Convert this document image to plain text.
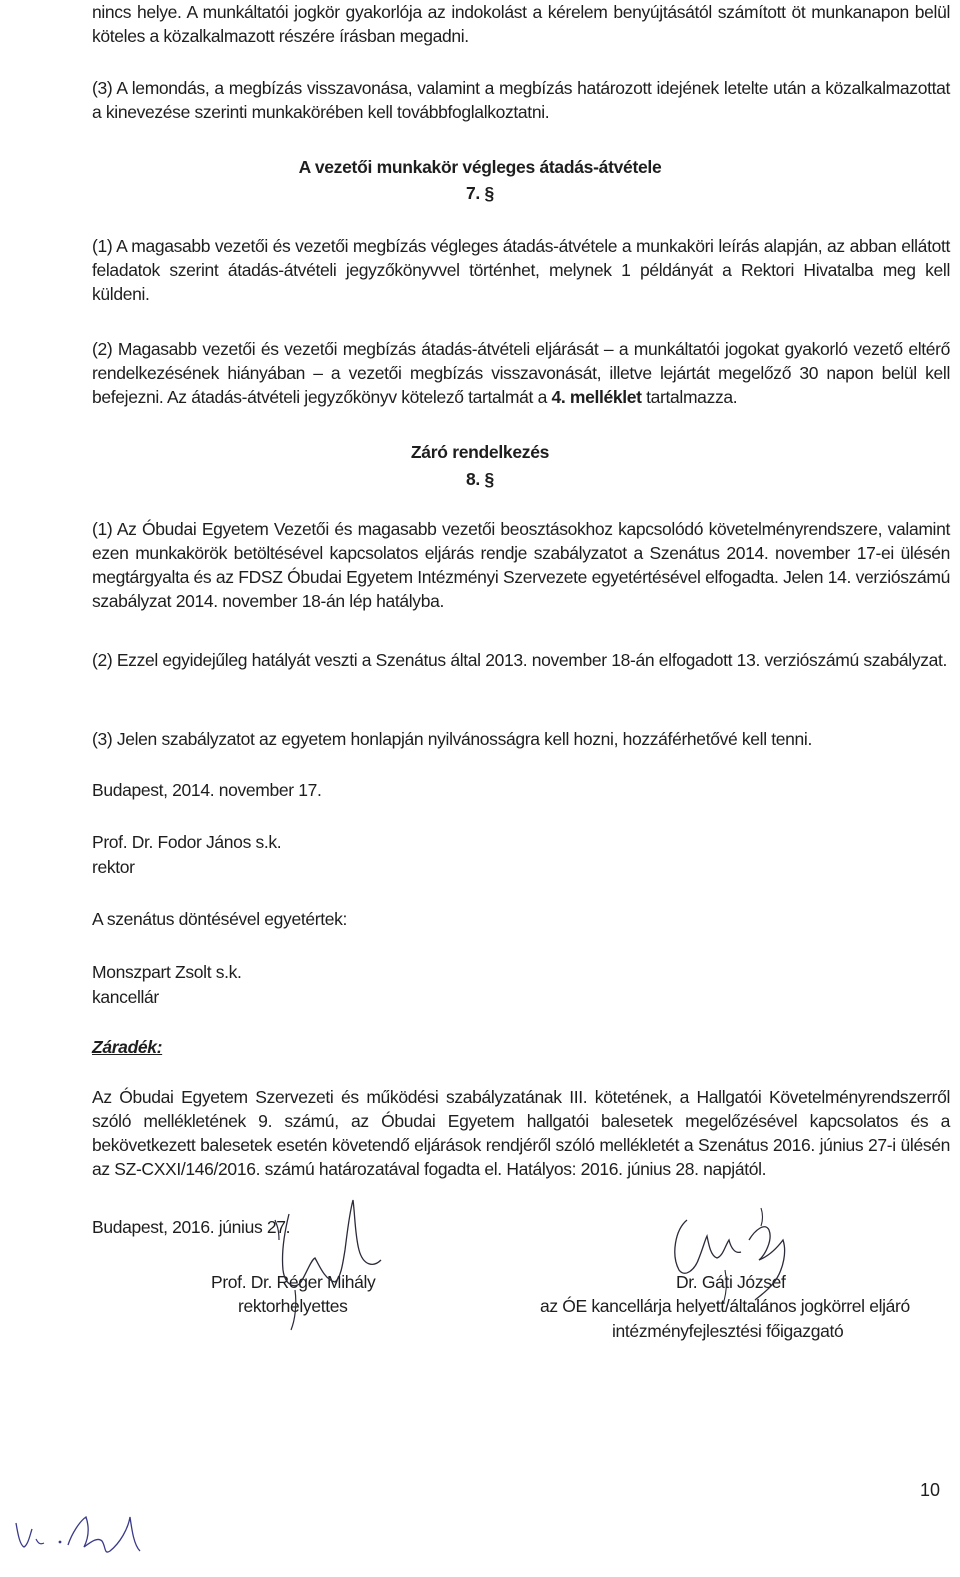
nincs helye. A munkáltatói jogkör gyakorlója az indokolást a kérelem benyújtásától számított öt munkanapon belül köteles a közalkalmazott részére írásban megadni.

(3) A lemondás, a megbízás visszavonása, valamint a megbízás határozott idejének letelte után a közalkalmazottat a kinevezése szerinti munkakörében kell továbbfoglalkoztatni.

A vezetői munkakör végleges átadás-átvétele

7. §

(1) A magasabb vezetői és vezetői megbízás végleges átadás-átvétele a munkaköri leírás alapján, az abban ellátott feladatok szerint átadás-átvételi jegyzőkönyvvel történhet, melynek 1 példányát a Rektori Hivatalba meg kell küldeni.

(2) Magasabb vezetői és vezetői megbízás átadás-átvételi eljárását – a munkáltatói jogokat gyakorló vezető eltérő rendelkezésének hiányában – a vezetői megbízás visszavonását, illetve lejártát megelőző 30 napon belül kell befejezni. Az átadás-átvételi jegyzőkönyv kötelező tartalmát a 4. melléklet tartalmazza.

Záró rendelkezés

8. §

(1) Az Óbudai Egyetem Vezetői és magasabb vezetői beosztásokhoz kapcsolódó követelményrendszere, valamint ezen munkakörök betöltésével kapcsolatos eljárás rendje szabályzatot a Szenátus 2014. november 17-ei ülésén megtárgyalta és az FDSZ Óbudai Egyetem Intézményi Szervezete egyetértésével elfogadta. Jelen 14. verziószámú szabályzat 2014. november 18-án lép hatályba.

(2) Ezzel egyidejűleg hatályát veszti a Szenátus által 2013. november 18-án elfogadott 13. verziószámú szabályzat.

(3) Jelen szabályzatot az egyetem honlapján nyilvánosságra kell hozni, hozzáférhetővé kell tenni.

Budapest, 2014. november 17.

Prof. Dr. Fodor János s.k.

rektor

A szenátus döntésével egyetértek:

Monszpart Zsolt s.k.

kancellár

Záradék:

Az Óbudai Egyetem Szervezeti és működési szabályzatának III. kötetének, a Hallgatói Követelményrendszerről szóló mellékletének 9. számú, az Óbudai Egyetem hallgatói balesetek megelőzésével kapcsolatos és a bekövetkezett balesetek esetén követendő eljárások rendjéről szóló mellékletét a Szenátus 2016. június 27-i ülésén az SZ-CXXI/146/2016. számú határozatával fogadta el. Hatályos: 2016. június 28. napjától.

Budapest, 2016. június 27.

Prof. Dr. Réger Mihály

rektorhelyettes

Dr. Gáti József

az ÓE kancellárja helyett/általános jogkörrel eljáró

intézményfejlesztési főigazgató

10
